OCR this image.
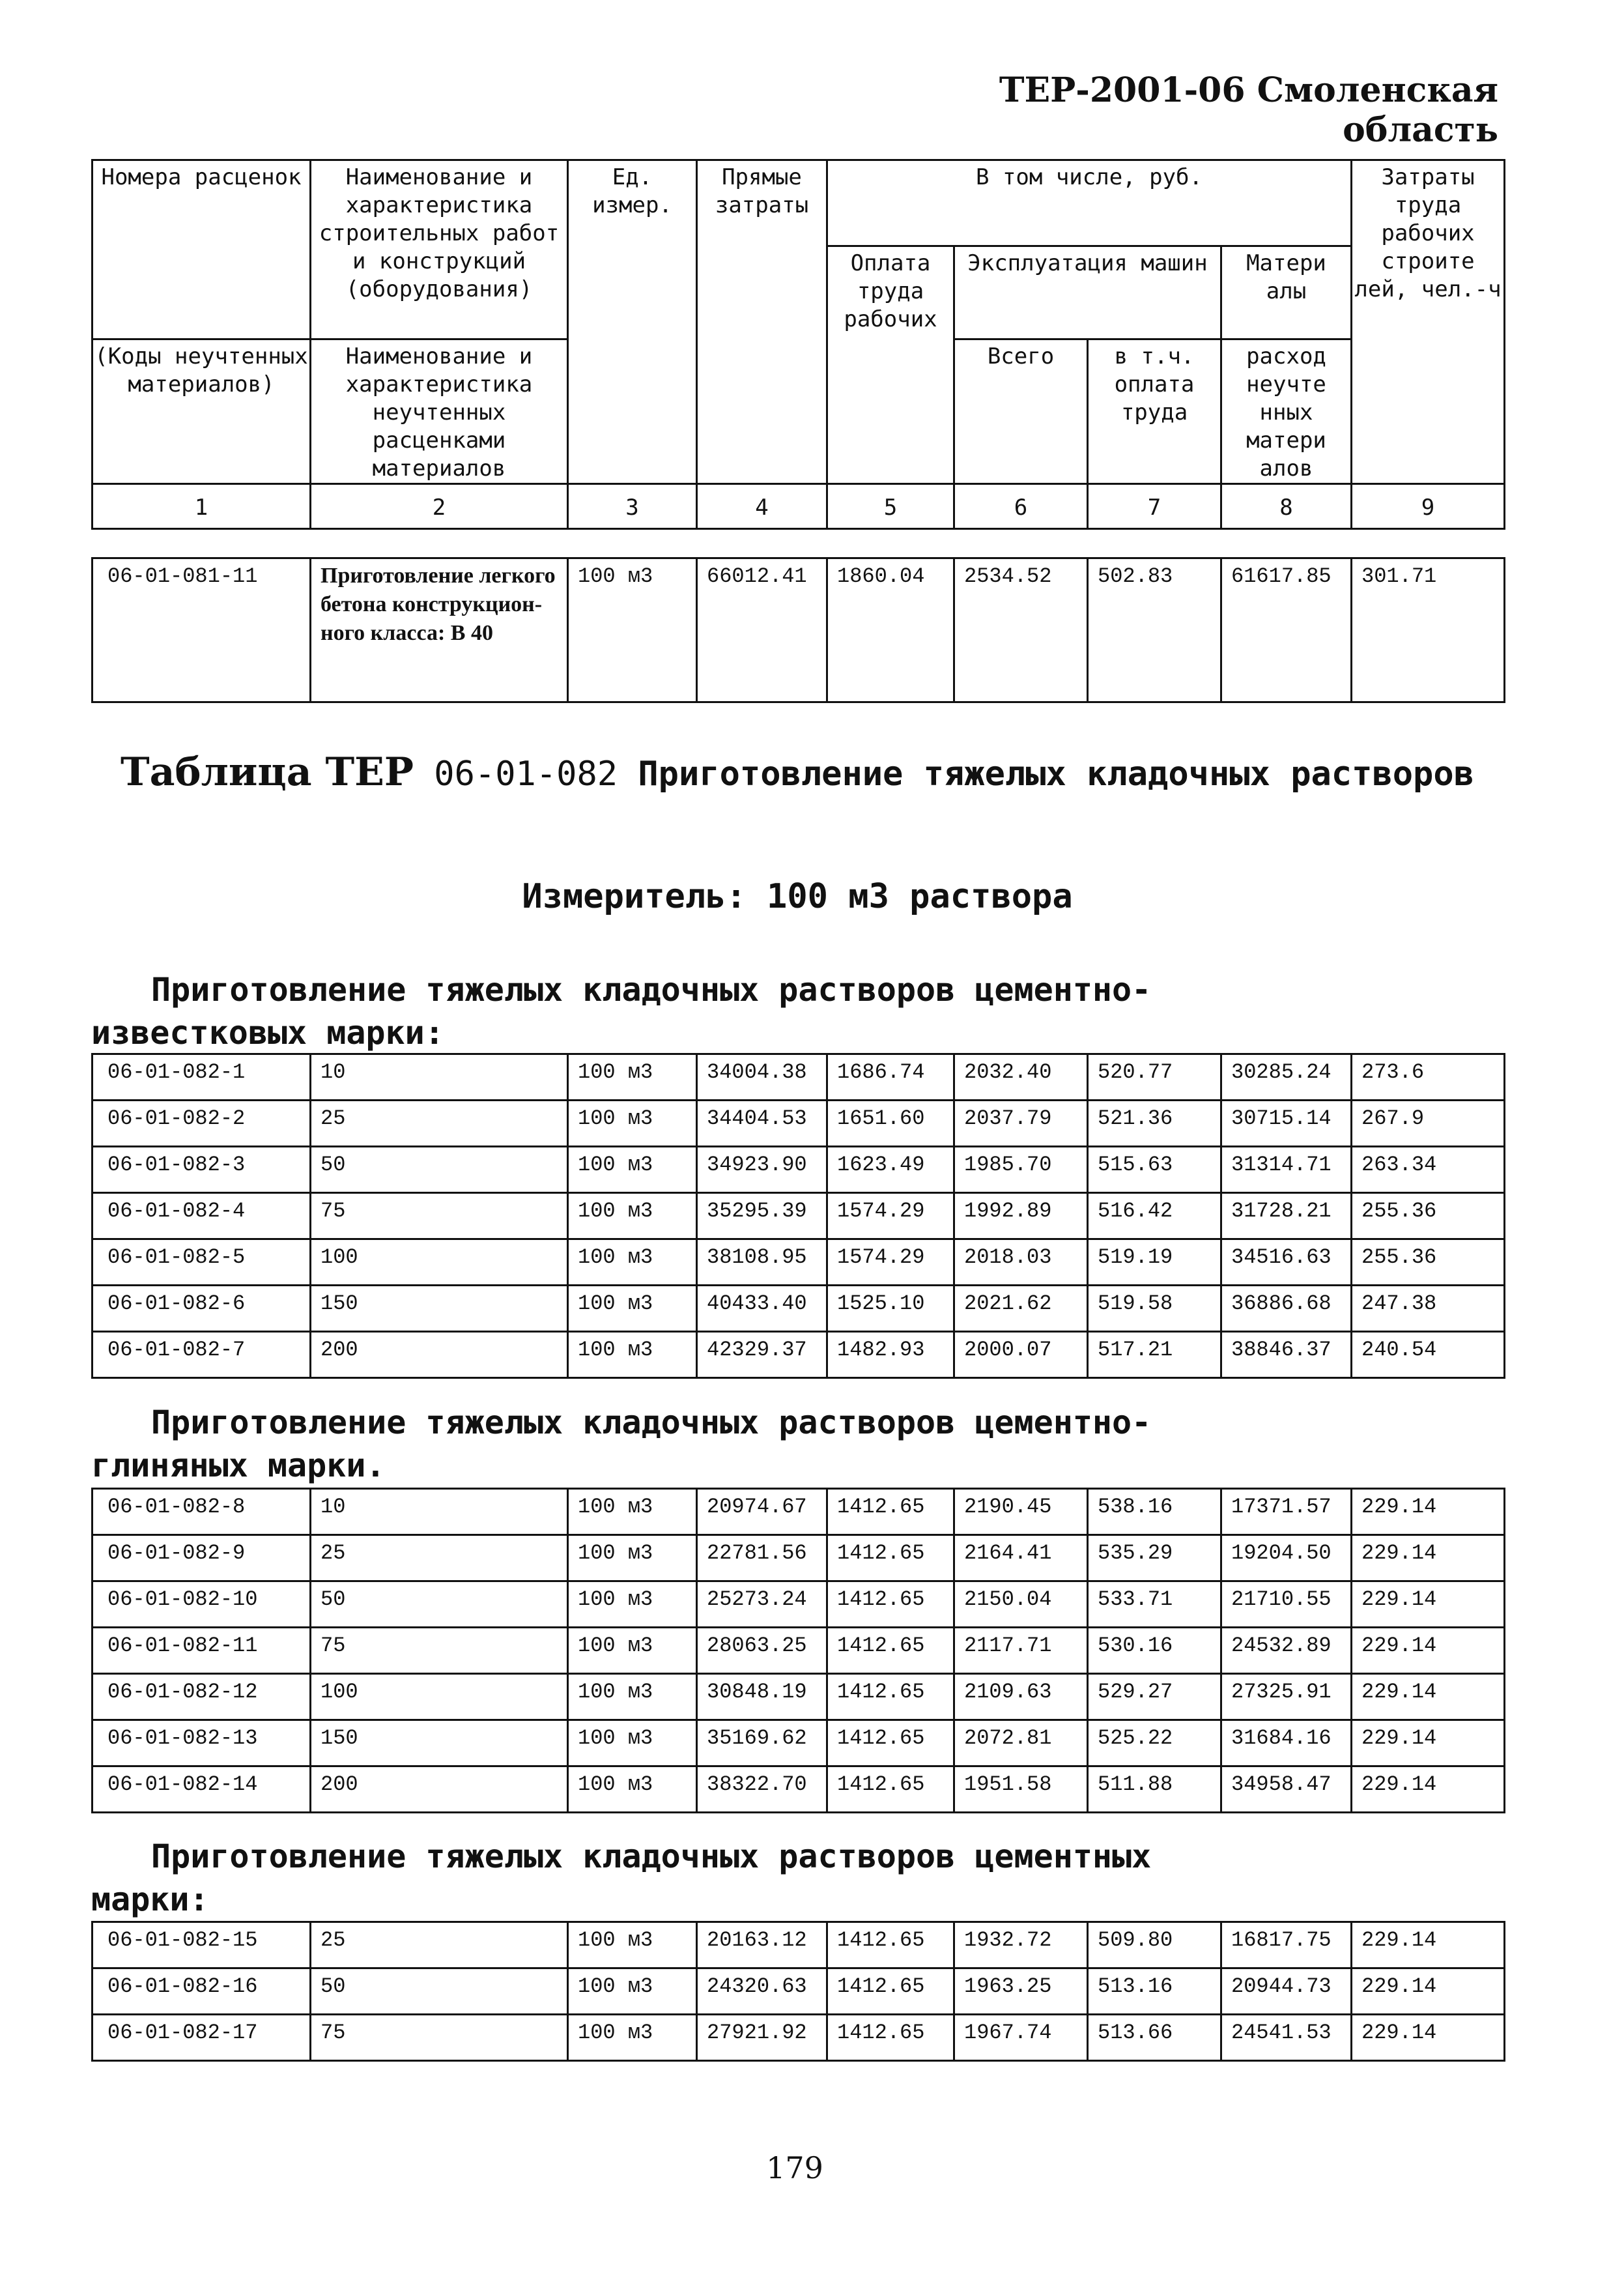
ТЕР-2001-06 Смоленская область
Номера расценок	Наименование и характеристика строительных работ и конструкций (оборудования)	Ед. измер.	Прямые затраты	В том числе, руб.				Затраты труда рабочих строите лей, чел.-ч
				Оплата труда рабочих	Эксплуатация машин		Матери алы	
(Коды неучтенных материалов)	Наименование и характеристика неучтенных расценками материалов				Всего	в т.ч. оплата труда	расход неучте нных матери алов	
1	2	3	4	5	6	7	8	9
06-01-081-11	Приготовление легкого бетона конструкцион-ного класса: В 40	100 м3	66012.41	1860.04	2534.52	502.83	61617.85	301.71
Таблица ТЕР 06-01-082 Приготовление тяжелых кладочных растворов
Измеритель: 100 м3 раствора
Приготовление тяжелых кладочных растворов цементно-
известковых марки:
06-01-082-1	10	100 м3	34004.38	1686.74	2032.40	520.77	30285.24	273.6
06-01-082-2	25	100 м3	34404.53	1651.60	2037.79	521.36	30715.14	267.9
06-01-082-3	50	100 м3	34923.90	1623.49	1985.70	515.63	31314.71	263.34
06-01-082-4	75	100 м3	35295.39	1574.29	1992.89	516.42	31728.21	255.36
06-01-082-5	100	100 м3	38108.95	1574.29	2018.03	519.19	34516.63	255.36
06-01-082-6	150	100 м3	40433.40	1525.10	2021.62	519.58	36886.68	247.38
06-01-082-7	200	100 м3	42329.37	1482.93	2000.07	517.21	38846.37	240.54
Приготовление тяжелых кладочных растворов цементно-
глиняных марки.
06-01-082-8	10	100 м3	20974.67	1412.65	2190.45	538.16	17371.57	229.14
06-01-082-9	25	100 м3	22781.56	1412.65	2164.41	535.29	19204.50	229.14
06-01-082-10	50	100 м3	25273.24	1412.65	2150.04	533.71	21710.55	229.14
06-01-082-11	75	100 м3	28063.25	1412.65	2117.71	530.16	24532.89	229.14
06-01-082-12	100	100 м3	30848.19	1412.65	2109.63	529.27	27325.91	229.14
06-01-082-13	150	100 м3	35169.62	1412.65	2072.81	525.22	31684.16	229.14
06-01-082-14	200	100 м3	38322.70	1412.65	1951.58	511.88	34958.47	229.14
Приготовление тяжелых кладочных растворов цементных
марки:
06-01-082-15	25	100 м3	20163.12	1412.65	1932.72	509.80	16817.75	229.14
06-01-082-16	50	100 м3	24320.63	1412.65	1963.25	513.16	20944.73	229.14
06-01-082-17	75	100 м3	27921.92	1412.65	1967.74	513.66	24541.53	229.14
179
